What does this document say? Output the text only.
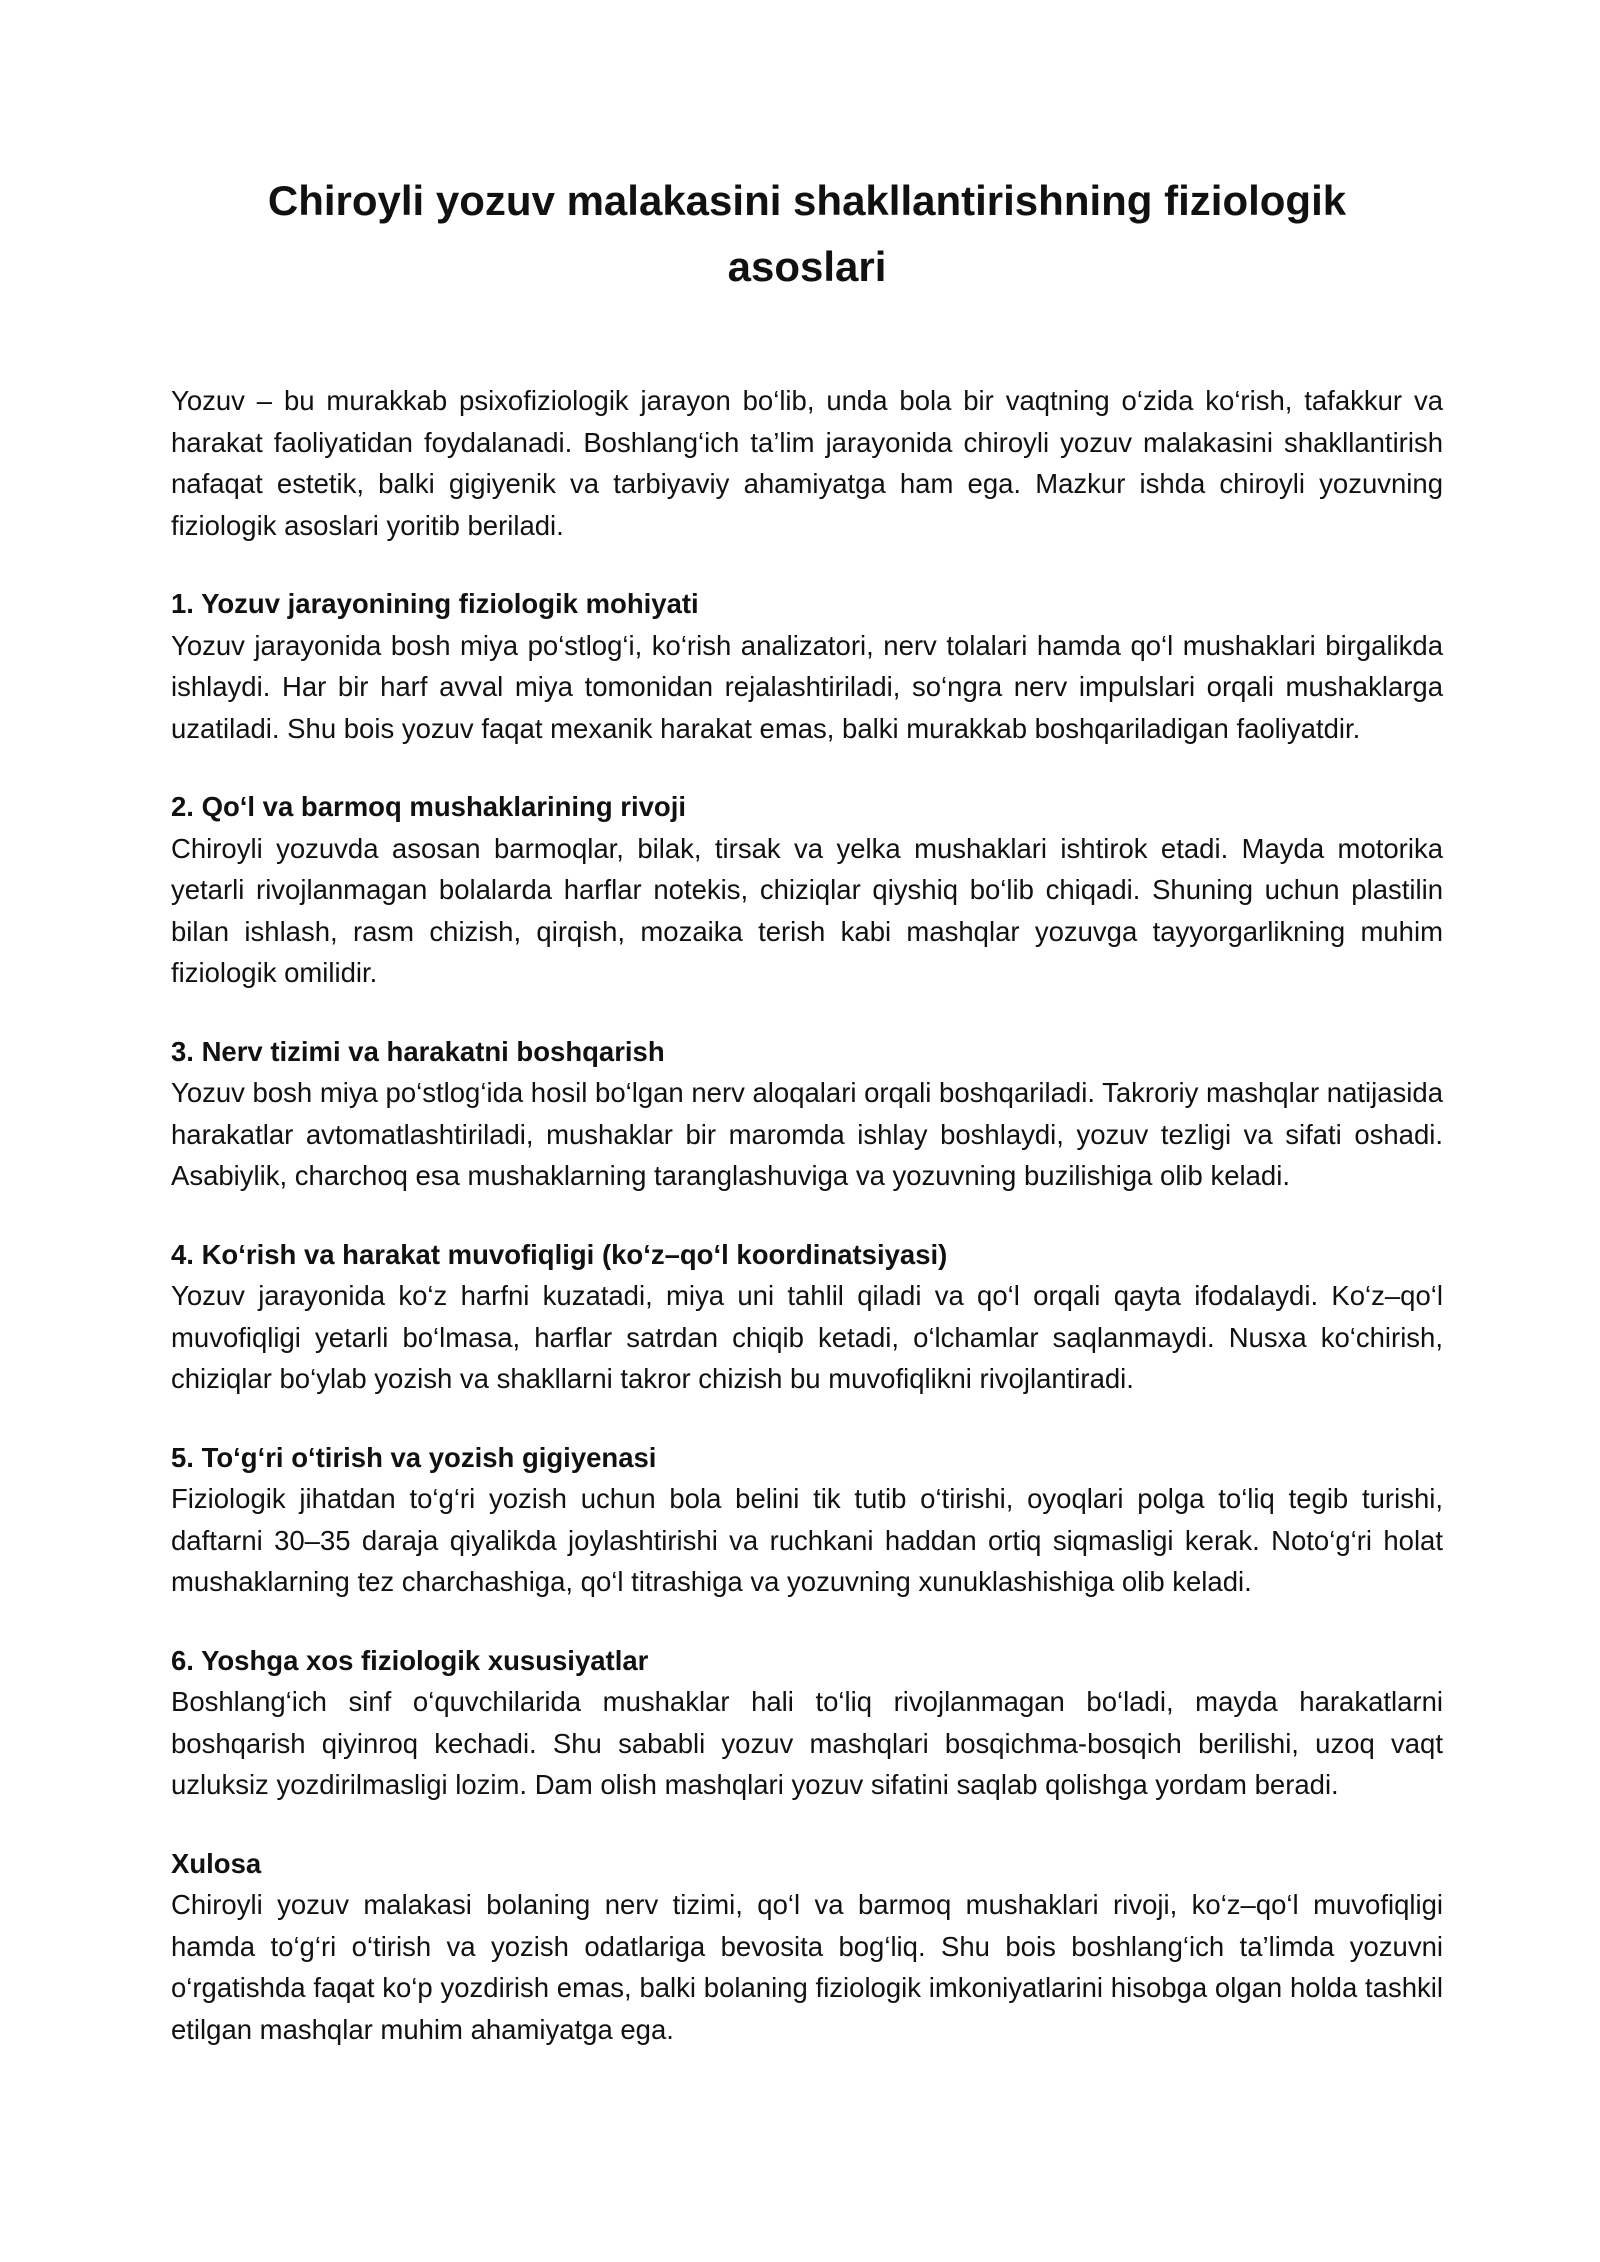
Chiroyli yozuv malakasini shakllantirishning fiziologik asoslari

Yozuv – bu murakkab psixofiziologik jarayon bo‘lib, unda bola bir vaqtning o‘zida ko‘rish, tafakkur va harakat faoliyatidan foydalanadi. Boshlang‘ich ta’lim jarayonida chiroyli yozuv malakasini shakllantirish nafaqat estetik, balki gigiyenik va tarbiyaviy ahamiyatga ham ega. Mazkur ishda chiroyli yozuvning fiziologik asoslari yoritib beriladi.

1. Yozuv jarayonining fiziologik mohiyati

Yozuv jarayonida bosh miya po‘stlog‘i, ko‘rish analizatori, nerv tolalari hamda qo‘l mushaklari birgalikda ishlaydi. Har bir harf avval miya tomonidan rejalashtiriladi, so‘ngra nerv impulslari orqali mushaklarga uzatiladi. Shu bois yozuv faqat mexanik harakat emas, balki murakkab boshqariladigan faoliyatdir.

2. Qo‘l va barmoq mushaklarining rivoji

Chiroyli yozuvda asosan barmoqlar, bilak, tirsak va yelka mushaklari ishtirok etadi. Mayda motorika yetarli rivojlanmagan bolalarda harflar notekis, chiziqlar qiyshiq bo‘lib chiqadi. Shuning uchun plastilin bilan ishlash, rasm chizish, qirqish, mozaika terish kabi mashqlar yozuvga tayyorgarlikning muhim fiziologik omilidir.

3. Nerv tizimi va harakatni boshqarish

Yozuv bosh miya po‘stlog‘ida hosil bo‘lgan nerv aloqalari orqali boshqariladi. Takroriy mashqlar natijasida harakatlar avtomatlashtiriladi, mushaklar bir maromda ishlay boshlaydi, yozuv tezligi va sifati oshadi. Asabiylik, charchoq esa mushaklarning taranglashuviga va yozuvning buzilishiga olib keladi.

4. Ko‘rish va harakat muvofiqligi (ko‘z–qo‘l koordinatsiyasi)

Yozuv jarayonida ko‘z harfni kuzatadi, miya uni tahlil qiladi va qo‘l orqali qayta ifodalaydi. Ko‘z–qo‘l muvofiqligi yetarli bo‘lmasa, harflar satrdan chiqib ketadi, o‘lchamlar saqlanmaydi. Nusxa ko‘chirish, chiziqlar bo‘ylab yozish va shakllarni takror chizish bu muvofiqlikni rivojlantiradi.

5. To‘g‘ri o‘tirish va yozish gigiyenasi

Fiziologik jihatdan to‘g‘ri yozish uchun bola belini tik tutib o‘tirishi, oyoqlari polga to‘liq tegib turishi, daftarni 30–35 daraja qiyalikda joylashtirishi va ruchkani haddan ortiq siqmasligi kerak. Noto‘g‘ri holat mushaklarning tez charchashiga, qo‘l titrashiga va yozuvning xunuklashishiga olib keladi.

6. Yoshga xos fiziologik xususiyatlar

Boshlang‘ich sinf o‘quvchilarida mushaklar hali to‘liq rivojlanmagan bo‘ladi, mayda harakatlarni boshqarish qiyinroq kechadi. Shu sababli yozuv mashqlari bosqichma-bosqich berilishi, uzoq vaqt uzluksiz yozdirilmasligi lozim. Dam olish mashqlari yozuv sifatini saqlab qolishga yordam beradi.

Xulosa

Chiroyli yozuv malakasi bolaning nerv tizimi, qo‘l va barmoq mushaklari rivoji, ko‘z–qo‘l muvofiqligi hamda to‘g‘ri o‘tirish va yozish odatlariga bevosita bog‘liq. Shu bois boshlang‘ich ta’limda yozuvni o‘rgatishda faqat ko‘p yozdirish emas, balki bolaning fiziologik imkoniyatlarini hisobga olgan holda tashkil etilgan mashqlar muhim ahamiyatga ega.
